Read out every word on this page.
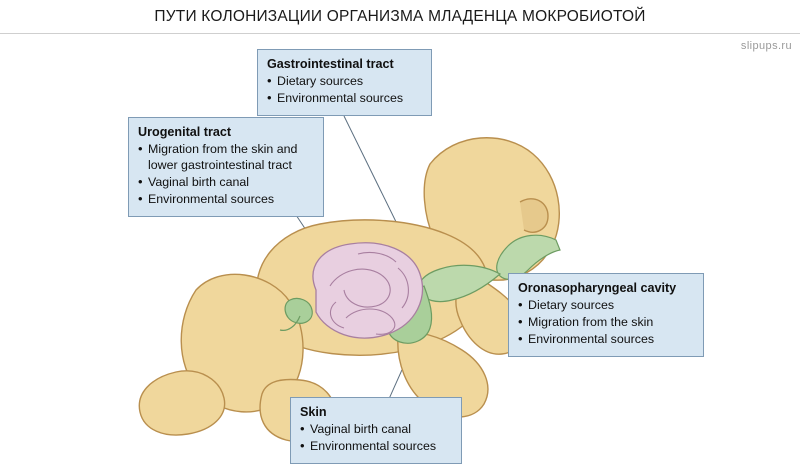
ПУТИ КОЛОНИЗАЦИИ ОРГАНИЗМА МЛАДЕНЦА МОКРОБИОТОЙ
slipups.ru
Gastrointestinal tract
• Dietary sources
• Environmental sources
Urogenital tract
• Migration from the skin and lower gastrointestinal tract
• Vaginal birth canal
• Environmental sources
Oronasopharyngeal cavity
• Dietary sources
• Migration from the skin
• Environmental sources
Skin
• Vaginal birth canal
• Environmental sources
